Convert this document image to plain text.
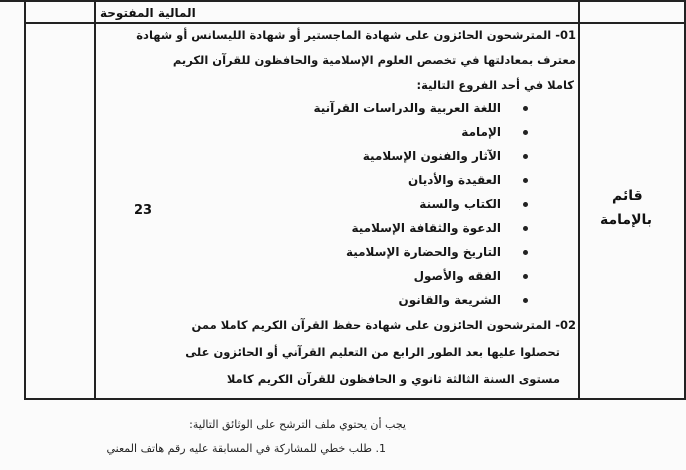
المالية المفتوحة
قائم
بالإمامة
23
01- المترشحون الحائزون على شهادة الماجستير أو شهادة الليسانس أو شهادة
معترف بمعادلتها في تخصص العلوم الإسلامية والحافظون للقرآن الكريم
كاملا في أحد الفروع التالية:
اللغة العربية والدراسات القرآنية
الإمامة
الآثار والفنون الإسلامية
العقيدة والأديان
الكتاب والسنة
الدعوة والثقافة الإسلامية
التاريخ والحضارة الإسلامية
الفقه والأصول
الشريعة والقانون
02- المترشحون الحائزون على شهادة حفظ القرآن الكريم كاملا ممن
تحصلوا عليها بعد الطور الرابع من التعليم القرآني أو الحائزون على
مستوى السنة الثالثة ثانوي و الحافظون للقرآن الكريم كاملا
يجب أن يحتوي ملف الترشح على الوثائق التالية:
1. طلب خطي للمشاركة في المسابقة عليه رقم هاتف المعني
